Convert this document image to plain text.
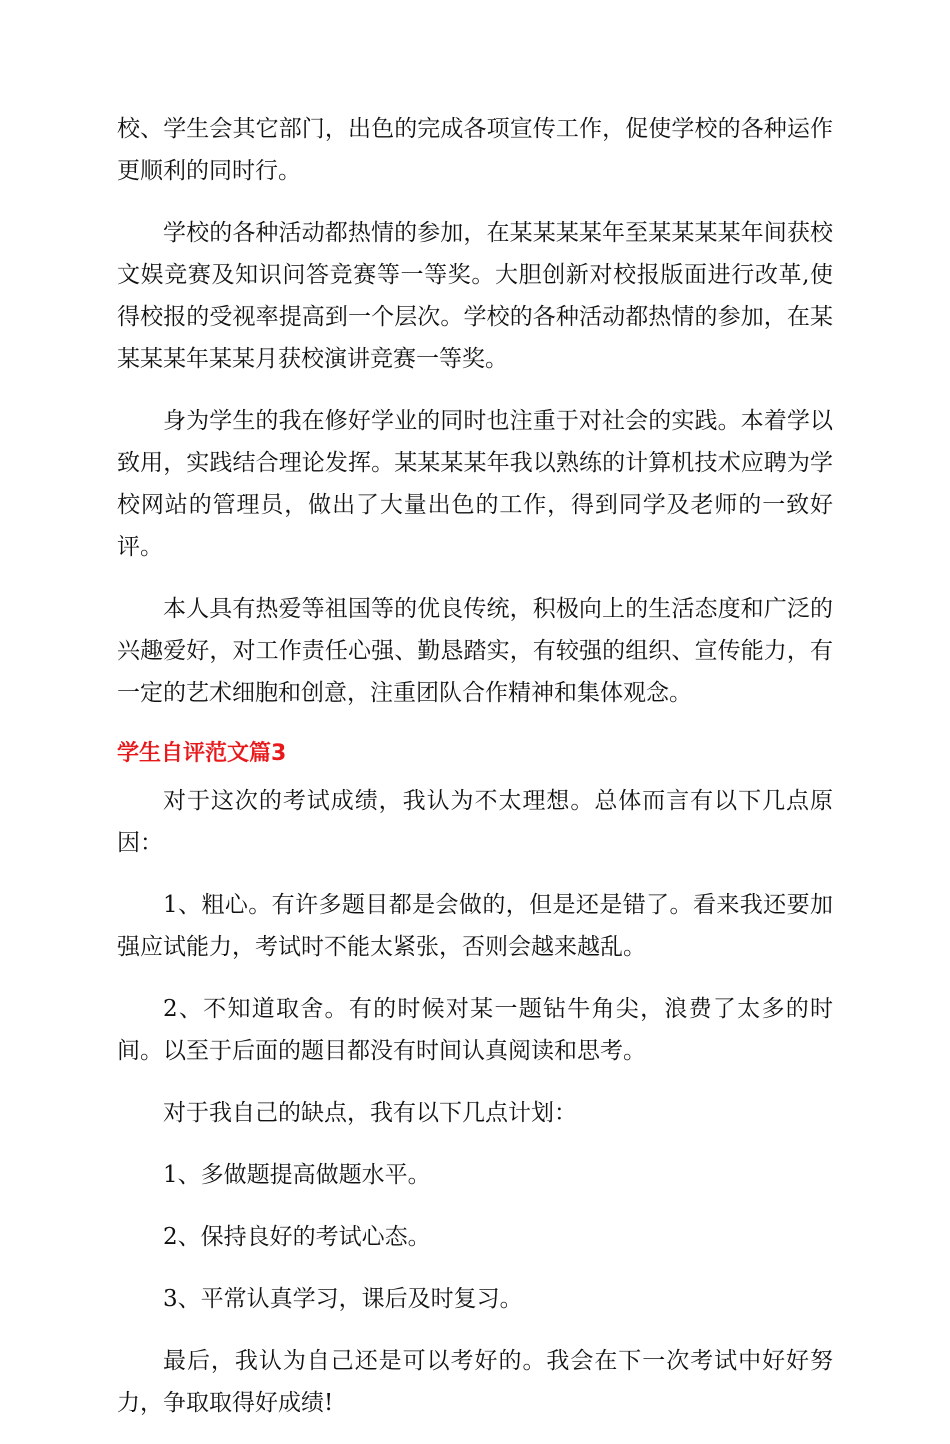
校、学生会其它部门，出色的完成各项宣传工作，促使学校的各种运作更顺利的同时行。

学校的各种活动都热情的参加，在某某某某年至某某某某年间获校文娱竞赛及知识问答竞赛等一等奖。大胆创新对校报版面进行改革,使得校报的受视率提高到一个层次。学校的各种活动都热情的参加，在某某某某年某某月获校演讲竞赛一等奖。

身为学生的我在修好学业的同时也注重于对社会的实践。本着学以致用，实践结合理论发挥。某某某某年我以熟练的计算机技术应聘为学校网站的管理员，做出了大量出色的工作，得到同学及老师的一致好评。

本人具有热爱等祖国等的优良传统，积极向上的生活态度和广泛的兴趣爱好，对工作责任心强、勤恳踏实，有较强的组织、宣传能力，有一定的艺术细胞和创意，注重团队合作精神和集体观念。

学生自评范文篇3

对于这次的考试成绩，我认为不太理想。总体而言有以下几点原因：

1、粗心。有许多题目都是会做的，但是还是错了。看来我还要加强应试能力，考试时不能太紧张，否则会越来越乱。

2、不知道取舍。有的时候对某一题钻牛角尖，浪费了太多的时间。以至于后面的题目都没有时间认真阅读和思考。

对于我自己的缺点，我有以下几点计划：

1、多做题提高做题水平。

2、保持良好的考试心态。

3、平常认真学习，课后及时复习。

最后，我认为自己还是可以考好的。我会在下一次考试中好好努力，争取取得好成绩!
